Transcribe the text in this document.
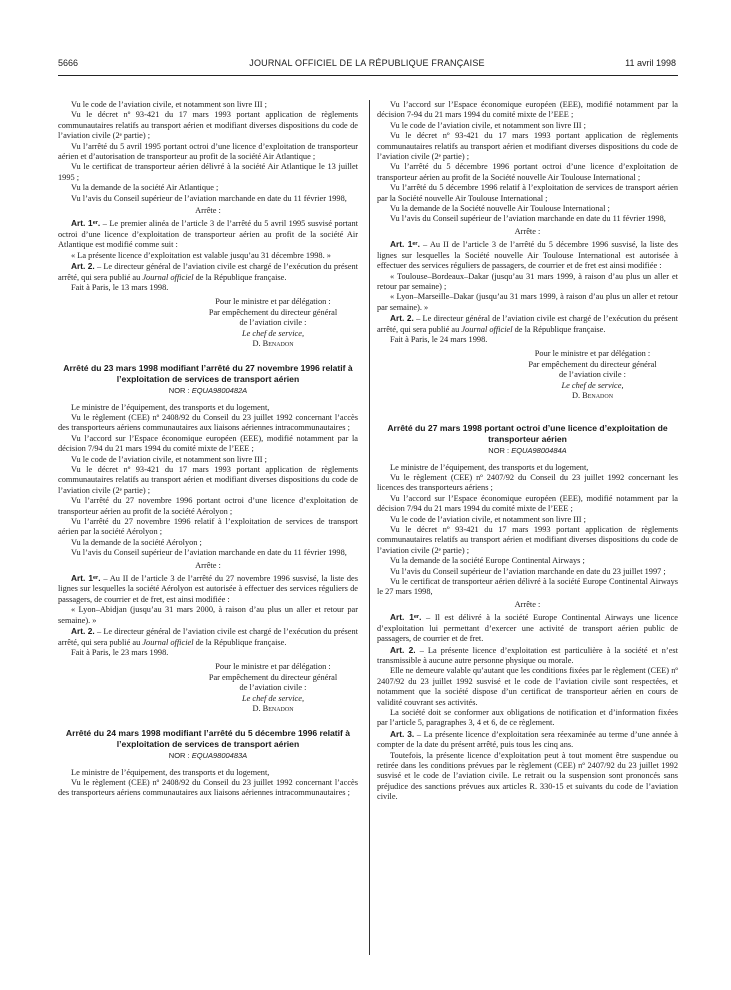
5666	JOURNAL OFFICIEL DE LA RÉPUBLIQUE FRANÇAISE	11 avril 1998

Vu le code de l’aviation civile, et notamment son livre III ;

Vu le décret nº 93-421 du 17 mars 1993 portant application de règlements communautaires relatifs au transport aérien et modifiant diverses dispositions du code de l’aviation civile (2ᵉ partie) ;

Vu l’arrêté du 5 avril 1995 portant octroi d’une licence d’exploitation de transporteur aérien et d’autorisation de transporteur au profit de la société Air Atlantique ;

Vu le certificat de transporteur aérien délivré à la société Air Atlantique le 13 juillet 1995 ;

Vu la demande de la société Air Atlantique ;

Vu l’avis du Conseil supérieur de l’aviation marchande en date du 11 février 1998,

Arrête :

Art. 1ᵉʳ. – Le premier alinéa de l’article 3 de l’arrêté du 5 avril 1995 susvisé portant octroi d’une licence d’exploitation de transporteur aérien au profit de la société Air Atlantique est modifié comme suit :

« La présente licence d’exploitation est valable jusqu’au 31 décembre 1998. »

Art. 2. – Le directeur général de l’aviation civile est chargé de l’exécution du présent arrêté, qui sera publié au Journal officiel de la République française.

Fait à Paris, le 13 mars 1998.

Pour le ministre et par délégation :
Par empêchement du directeur général
de l’aviation civile :
Le chef de service,
D. Benadon

Arrêté du 23 mars 1998 modifiant l’arrêté du 27 novembre 1996 relatif à l’exploitation de services de transport aérien

NOR : EQUA9800482A

Le ministre de l’équipement, des transports et du logement,

Vu le règlement (CEE) nº 2408/92 du Conseil du 23 juillet 1992 concernant l’accès des transporteurs aériens communautaires aux liaisons aériennes intracommunautaires ;

Vu l’accord sur l’Espace économique européen (EEE), modifié notamment par la décision 7/94 du 21 mars 1994 du comité mixte de l’EEE ;

Vu le code de l’aviation civile, et notamment son livre III ;

Vu le décret nº 93-421 du 17 mars 1993 portant application de règlements communautaires relatifs au transport aérien et modifiant diverses dispositions du code de l’aviation civile (2ᵉ partie) ;

Vu l’arrêté du 27 novembre 1996 portant octroi d’une licence d’exploitation de transporteur aérien au profit de la société Aérolyon ;

Vu l’arrêté du 27 novembre 1996 relatif à l’exploitation de services de transport aérien par la société Aérolyon ;

Vu la demande de la société Aérolyon ;

Vu l’avis du Conseil supérieur de l’aviation marchande en date du 11 février 1998,

Arrête :

Art. 1ᵉʳ. – Au II de l’article 3 de l’arrêté du 27 novembre 1996 susvisé, la liste des lignes sur lesquelles la société Aérolyon est autorisée à effectuer des services réguliers de passagers, de courrier et de fret, est ainsi modifiée :

« Lyon–Abidjan (jusqu’au 31 mars 2000, à raison d’au plus un aller et retour par semaine). »

Art. 2. – Le directeur général de l’aviation civile est chargé de l’exécution du présent arrêté, qui sera publié au Journal officiel de la République française.

Fait à Paris, le 23 mars 1998.

Pour le ministre et par délégation :
Par empêchement du directeur général
de l’aviation civile :
Le chef de service,
D. Benadon

Arrêté du 24 mars 1998 modifiant l’arrêté du 5 décembre 1996 relatif à l’exploitation de services de transport aérien

NOR : EQUA9800483A

Le ministre de l’équipement, des transports et du logement,

Vu le règlement (CEE) nº 2408/92 du Conseil du 23 juillet 1992 concernant l’accès des transporteurs aériens communautaires aux liaisons aériennes intracommunautaires ;

Vu l’accord sur l’Espace économique européen (EEE), modifié notamment par la décision 7-94 du 21 mars 1994 du comité mixte de l’EEE ;

Vu le code de l’aviation civile, et notamment son livre III ;

Vu le décret nº 93-421 du 17 mars 1993 portant application de règlements communautaires relatifs au transport aérien et modifiant diverses dispositions du code de l’aviation civile (2ᵉ partie) ;

Vu l’arrêté du 5 décembre 1996 portant octroi d’une licence d’exploitation de transporteur aérien au profit de la Société nouvelle Air Toulouse International ;

Vu l’arrêté du 5 décembre 1996 relatif à l’exploitation de services de transport aérien par la Société nouvelle Air Toulouse International ;

Vu la demande de la Société nouvelle Air Toulouse International ;

Vu l’avis du Conseil supérieur de l’aviation marchande en date du 11 février 1998,

Arrête :

Art. 1ᵉʳ. – Au II de l’article 3 de l’arrêté du 5 décembre 1996 susvisé, la liste des lignes sur lesquelles la Société nouvelle Air Toulouse International est autorisée à effectuer des services réguliers de passagers, de courrier et de fret est ainsi modifiée :

« Toulouse–Bordeaux–Dakar (jusqu’au 31 mars 1999, à raison d’au plus un aller et retour par semaine) ;

« Lyon–Marseille–Dakar (jusqu’au 31 mars 1999, à raison d’au plus un aller et retour par semaine). »

Art. 2. – Le directeur général de l’aviation civile est chargé de l’exécution du présent arrêté, qui sera publié au Journal officiel de la République française.

Fait à Paris, le 24 mars 1998.

Pour le ministre et par délégation :
Par empêchement du directeur général
de l’aviation civile :
Le chef de service,
D. Benadon

Arrêté du 27 mars 1998 portant octroi d’une licence d’exploitation de transporteur aérien

NOR : EQUA9800484A

Le ministre de l’équipement, des transports et du logement,

Vu le règlement (CEE) nº 2407/92 du Conseil du 23 juillet 1992 concernant les licences des transporteurs aériens ;

Vu l’accord sur l’Espace économique européen (EEE), modifié notamment par la décision 7/94 du 21 mars 1994 du comité mixte de l’EEE ;

Vu le code de l’aviation civile, et notamment son livre III ;

Vu le décret nº 93-421 du 17 mars 1993 portant application de règlements communautaires relatifs au transport aérien et modifiant diverses dispositions du code de l’aviation civile (2ᵉ partie) ;

Vu la demande de la société Europe Continental Airways ;

Vu l’avis du Conseil supérieur de l’aviation marchande en date du 23 juillet 1997 ;

Vu le certificat de transporteur aérien délivré à la société Europe Continental Airways le 27 mars 1998,

Arrête :

Art. 1ᵉʳ. – Il est délivré à la société Europe Continental Airways une licence d’exploitation lui permettant d’exercer une activité de transport aérien public de passagers, de courrier et de fret.

Art. 2. – La présente licence d’exploitation est particulière à la société et n’est transmissible à aucune autre personne physique ou morale.

Elle ne demeure valable qu’autant que les conditions fixées par le règlement (CEE) nº 2407/92 du 23 juillet 1992 susvisé et le code de l’aviation civile sont respectées, et notamment que la société dispose d’un certificat de transporteur aérien en cours de validité couvrant ses activités.

La société doit se conformer aux obligations de notification et d’information fixées par l’article 5, paragraphes 3, 4 et 6, de ce règlement.

Art. 3. – La présente licence d’exploitation sera réexaminée au terme d’une année à compter de la date du présent arrêté, puis tous les cinq ans.

Toutefois, la présente licence d’exploitation peut à tout moment être suspendue ou retirée dans les conditions prévues par le règlement (CEE) nº 2407/92 du 23 juillet 1992 susvisé et le code de l’aviation civile. Le retrait ou la suspension sont prononcés sans préjudice des sanctions prévues aux articles R. 330-15 et suivants du code de l’aviation civile.
